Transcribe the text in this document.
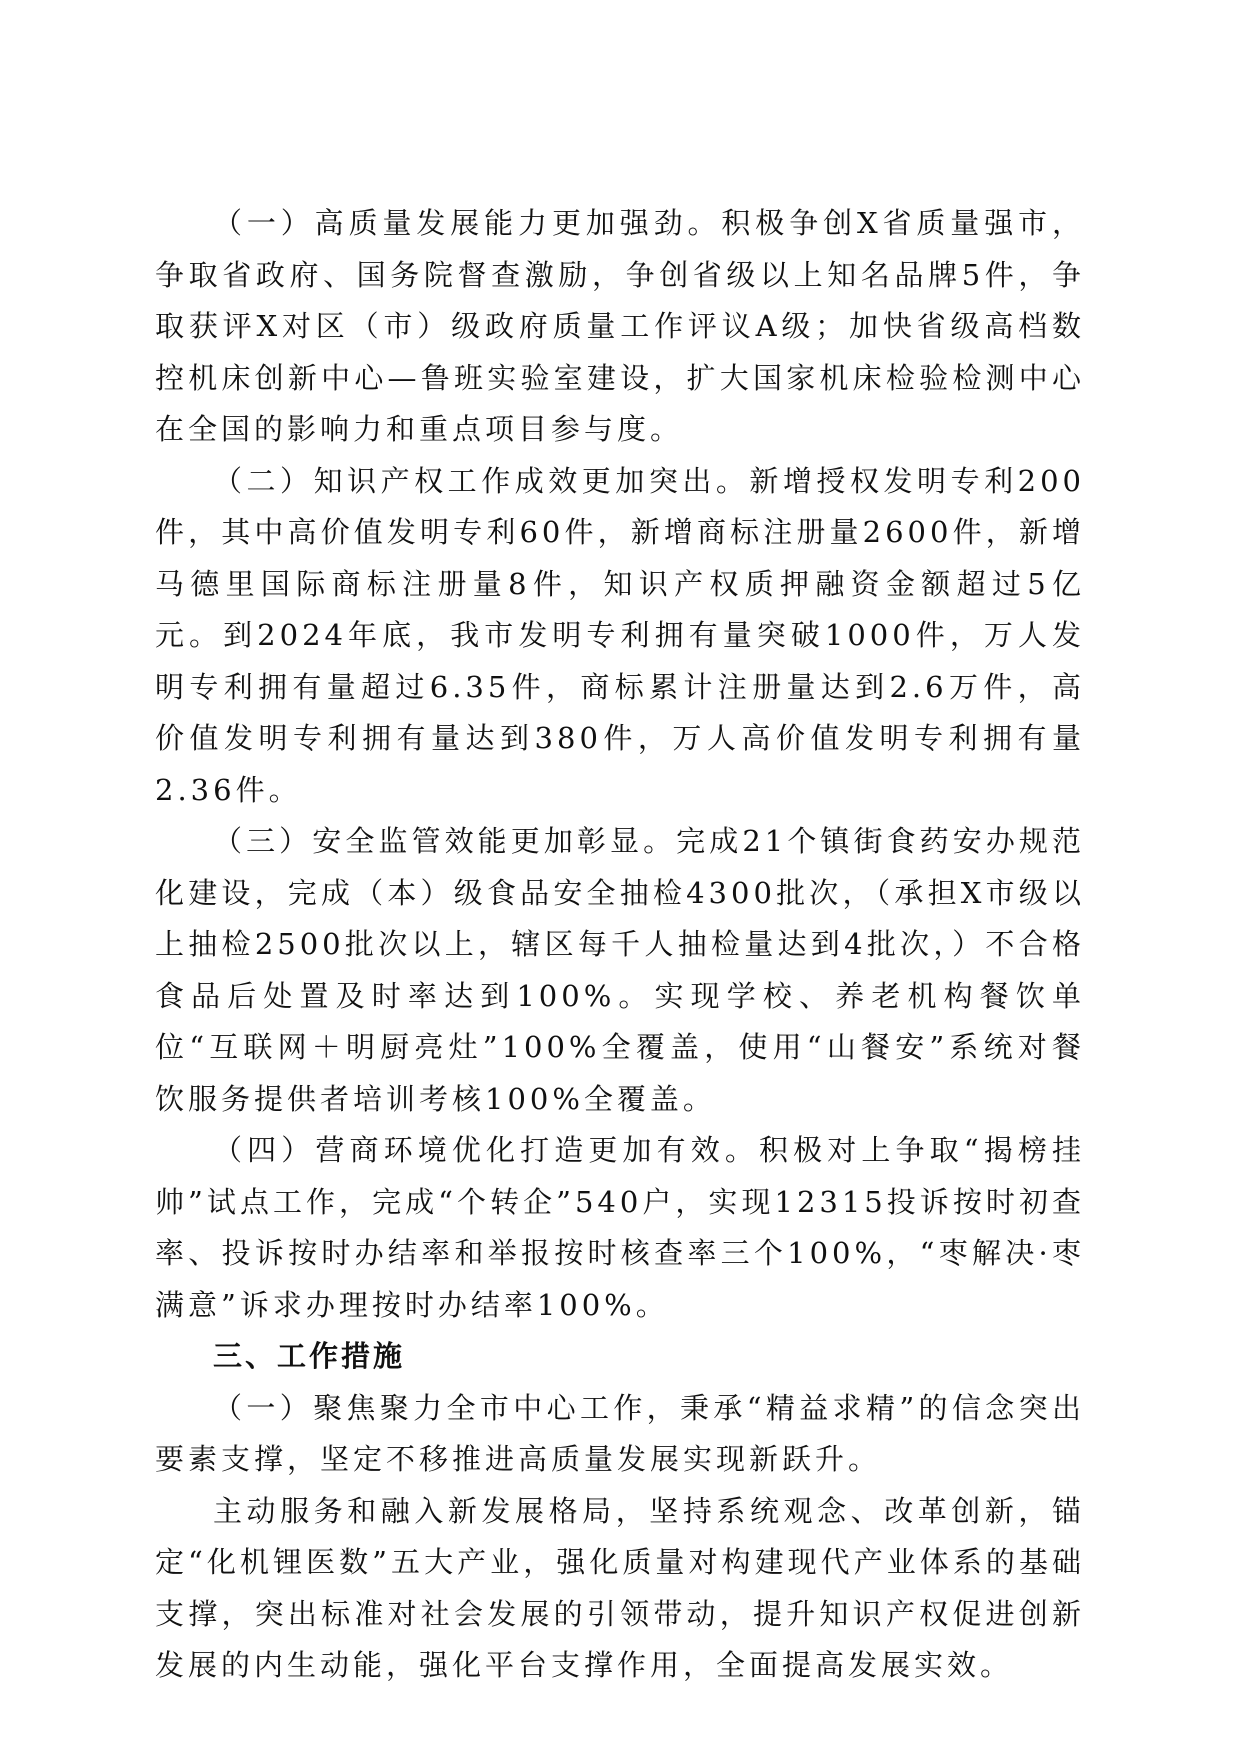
（一）高质量发展能力更加强劲。积极争创X省质量强市，争取省政府、国务院督查激励，争创省级以上知名品牌5件，争取获评X对区（市）级政府质量工作评议A级；加快省级高档数控机床创新中心—鲁班实验室建设，扩大国家机床检验检测中心在全国的影响力和重点项目参与度。

（二）知识产权工作成效更加突出。新增授权发明专利200件，其中高价值发明专利60件，新增商标注册量2600件，新增马德里国际商标注册量8件，知识产权质押融资金额超过5亿元。到2024年底，我市发明专利拥有量突破1000件，万人发明专利拥有量超过6.35件，商标累计注册量达到2.6万件，高价值发明专利拥有量达到380件，万人高价值发明专利拥有量2.36件。

（三）安全监管效能更加彰显。完成21个镇街食药安办规范化建设，完成（本）级食品安全抽检4300批次，（承担X市级以上抽检2500批次以上，辖区每千人抽检量达到4批次，）不合格食品后处置及时率达到100%。实现学校、养老机构餐饮单位“互联网＋明厨亮灶”100%全覆盖，使用“山餐安”系统对餐饮服务提供者培训考核100%全覆盖。

（四）营商环境优化打造更加有效。积极对上争取“揭榜挂帅”试点工作，完成“个转企”540户，实现12315投诉按时初查率、投诉按时办结率和举报按时核查率三个100%，“枣解决·枣满意”诉求办理按时办结率100%。

三、工作措施

（一）聚焦聚力全市中心工作，秉承“精益求精”的信念突出要素支撑，坚定不移推进高质量发展实现新跃升。

主动服务和融入新发展格局，坚持系统观念、改革创新，锚定“化机锂医数”五大产业，强化质量对构建现代产业体系的基础支撑，突出标准对社会发展的引领带动，提升知识产权促进创新发展的内生动能，强化平台支撑作用，全面提高发展实效。
